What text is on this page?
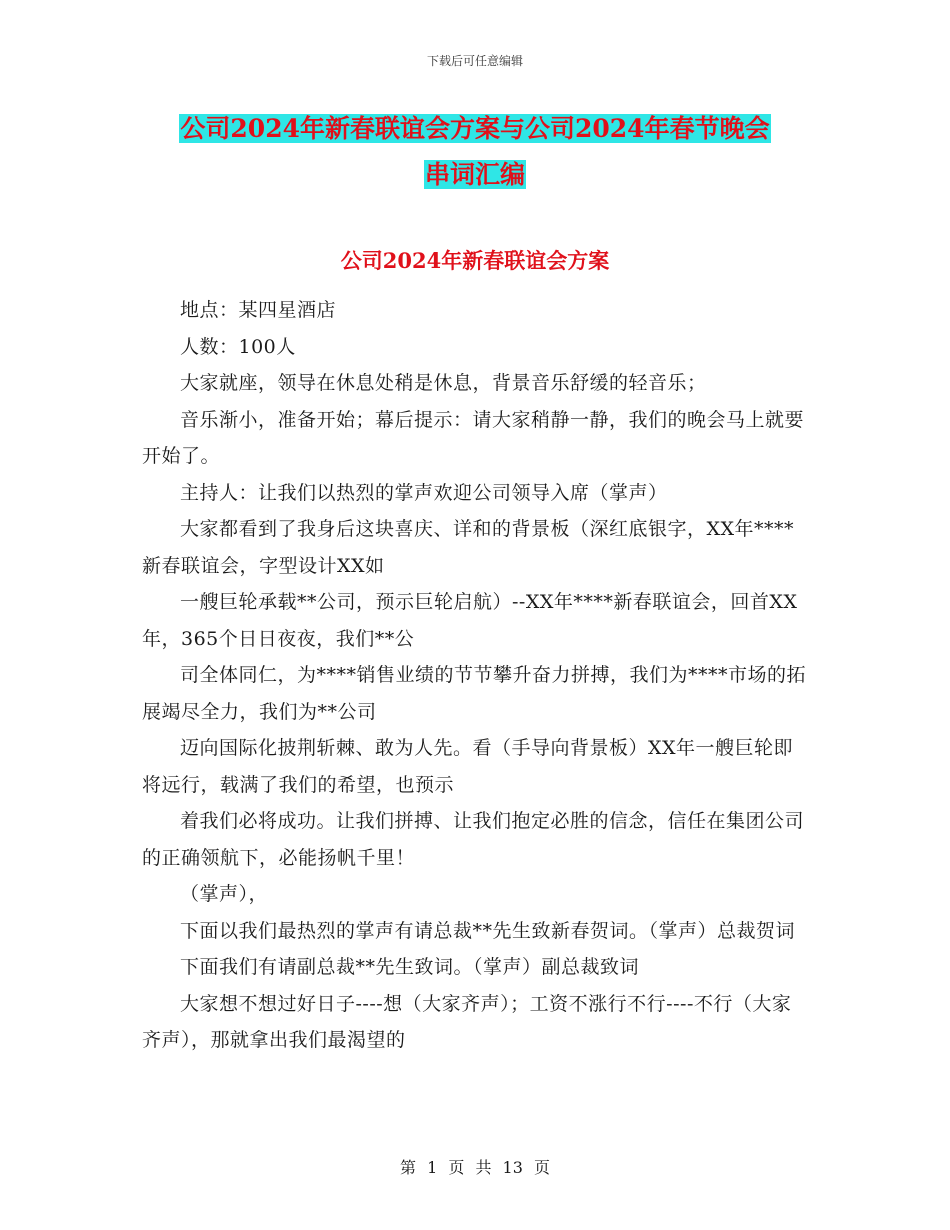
下载后可任意编辑
公司2024年新春联谊会方案与公司2024年春节晚会
串词汇编
公司2024年新春联谊会方案

地点：某四星酒店

人数：100人

大家就座，领导在休息处稍是休息，背景音乐舒缓的轻音乐；

音乐渐小，准备开始；幕后提示：请大家稍静一静，我们的晚会马上就要开始了。

主持人：让我们以热烈的掌声欢迎公司领导入席（掌声）

大家都看到了我身后这块喜庆、详和的背景板（深红底银字，XX年****新春联谊会，字型设计XX如

一艘巨轮承载**公司，预示巨轮启航）--XX年****新春联谊会，回首XX年，365个日日夜夜，我们**公

司全体同仁，为****销售业绩的节节攀升奋力拼搏，我们为****市场的拓展竭尽全力，我们为**公司

迈向国际化披荆斩棘、敢为人先。看（手导向背景板）XX年一艘巨轮即将远行，载满了我们的希望，也预示

着我们必将成功。让我们拼搏、让我们抱定必胜的信念，信任在集团公司的正确领航下，必能扬帆千里！

（掌声），

下面以我们最热烈的掌声有请总裁**先生致新春贺词。（掌声）总裁贺词

下面我们有请副总裁**先生致词。（掌声）副总裁致词

大家想不想过好日子----想（大家齐声）；工资不涨行不行----不行（大家齐声），那就拿出我们最渴望的

第 1 页 共 13 页
